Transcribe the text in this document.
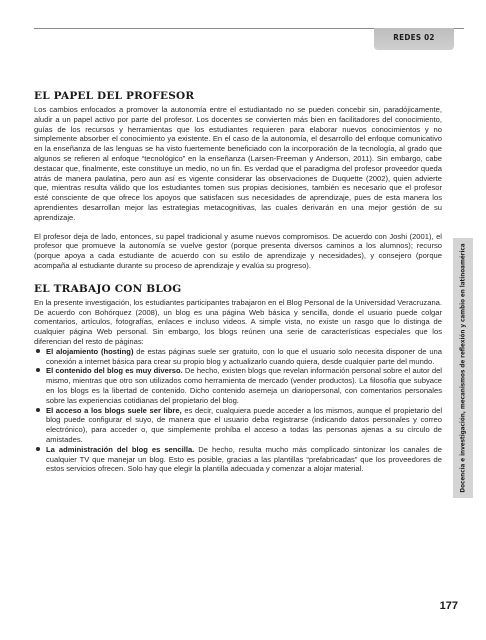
REDES 02
EL PAPEL DEL PROFESOR

Los cambios enfocados a promover la autonomía entre el estudiantado no se pueden concebir sin, paradójicamente, aludir a un papel activo por parte del profesor. Los docentes se convierten más bien en facilitadores del conocimiento, guías de los recursos y herramientas que los estudiantes requieren para elaborar nuevos conocimientos y no simplemente absorber el conocimiento ya existente. En el caso de la autonomía, el desarrollo del enfoque comunicativo en la enseñanza de las lenguas se ha visto fuertemente beneficiado con la incorporación de la tecnología, al grado que algunos se refieren al enfoque “tecnológico” en la enseñanza (Larsen-Freeman y Anderson, 2011). Sin embargo, cabe destacar que, finalmente, este constituye un medio, no un fin. Es verdad que el paradigma del profesor proveedor queda atrás de manera paulatina, pero aun así es vigente considerar las observaciones de Duquette (2002), quien advierte que, mientras resulta válido que los estudiantes tomen sus propias decisiones, también es necesario que el profesor esté consciente de que ofrece los apoyos que satisfacen sus necesidades de aprendizaje, pues de esta manera los aprendientes desarrollan mejor las estrategias metacognitivas, las cuales derivarán en una mejor gestión de su aprendizaje.

El profesor deja de lado, entonces, su papel tradicional y asume nuevos compromisos. De acuerdo con Joshi (2001), el profesor que promueve la autonomía se vuelve gestor (porque presenta diversos caminos a los alumnos); recurso (porque apoya a cada estudiante de acuerdo con su estilo de aprendizaje y necesidades), y consejero (porque acompaña al estudiante durante su proceso de aprendizaje y evalúa su progreso).

EL TRABAJO CON BLOG

En la presente investigación, los estudiantes participantes trabajaron en el Blog Personal de la Universidad Veracruzana. De acuerdo con Bohórquez (2008), un blog es una página Web básica y sencilla, donde el usuario puede colgar comentarios, artículos, fotografías, enlaces e incluso videos. A simple vista, no existe un rasgo que lo distinga de cualquier página Web personal. Sin embargo, los blogs reúnen una serie de características especiales que los diferencian del resto de páginas:

El alojamiento (hosting) de estas páginas suele ser gratuito, con lo que el usuario solo necesita disponer de una conexión a internet básica para crear su propio blog y actualizarlo cuando quiera, desde cualquier parte del mundo.
El contenido del blog es muy diverso. De hecho, existen blogs que revelan información personal sobre el autor del mismo, mientras que otro son utilizados como herramienta de mercado (vender productos). La filosofía que subyace en los blogs es la libertad de contenido. Dicho contenido asemeja un diariopersonal, con comentarios personales sobre las experiencias cotidianas del propietario del blog.
El acceso a los blogs suele ser libre, es decir, cualquiera puede acceder a los mismos, aunque el propietario del blog puede configurar el suyo, de manera que el usuario deba registrarse (indicando datos personales y correo electrónico), para acceder o, que simplemente prohíba el acceso a todas las personas ajenas a su círculo de amistades.
La administración del blog es sencilla. De hecho, resulta mucho más complicado sintonizar los canales de cualquier TV que manejar un blog. Esto es posible, gracias a las plantillas “prefabricadas” que los proveedores de estos servicios ofrecen. Solo hay que elegir la plantilla adecuada y comenzar a alojar material.	Docencia e investigación, mecanismos de reflexión y cambio en latinoamérica
177
